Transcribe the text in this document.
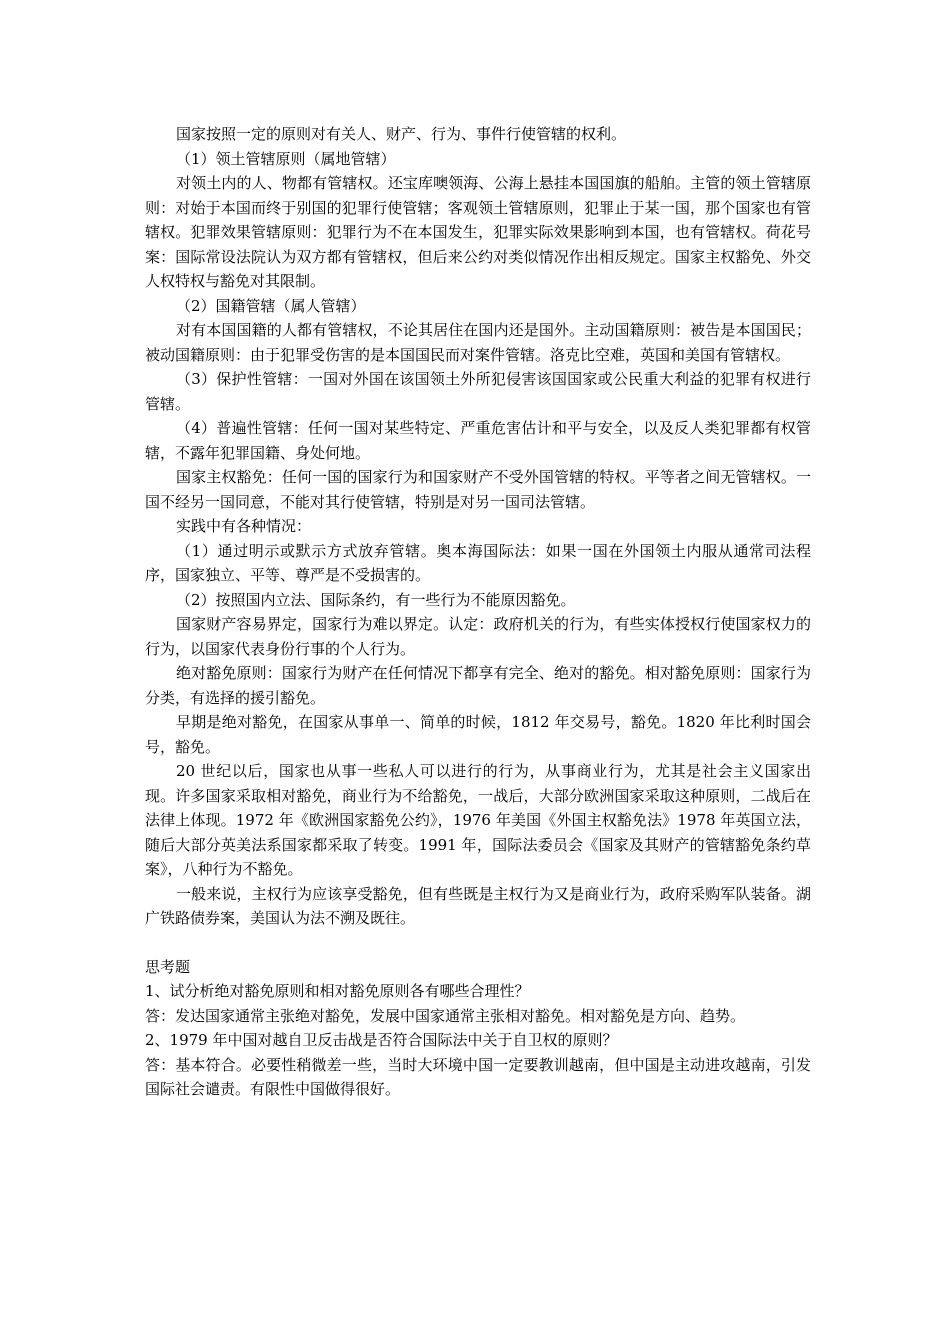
国家按照一定的原则对有关人、财产、行为、事件行使管辖的权利。

（1）领土管辖原则（属地管辖）

对领土内的人、物都有管辖权。还宝库噢领海、公海上悬挂本国国旗的船舶。主管的领土管辖原则：对始于本国而终于别国的犯罪行使管辖；客观领土管辖原则，犯罪止于某一国，那个国家也有管辖权。犯罪效果管辖原则：犯罪行为不在本国发生，犯罪实际效果影响到本国，也有管辖权。荷花号案：国际常设法院认为双方都有管辖权，但后来公约对类似情况作出相反规定。国家主权豁免、外交人权特权与豁免对其限制。

（2）国籍管辖（属人管辖）

对有本国国籍的人都有管辖权，不论其居住在国内还是国外。主动国籍原则：被告是本国国民；被动国籍原则：由于犯罪受伤害的是本国国民而对案件管辖。洛克比空难，英国和美国有管辖权。

（3）保护性管辖：一国对外国在该国领土外所犯侵害该国国家或公民重大利益的犯罪有权进行管辖。

（4）普遍性管辖：任何一国对某些特定、严重危害估计和平与安全，以及反人类犯罪都有权管辖，不露年犯罪国籍、身处何地。

国家主权豁免：任何一国的国家行为和国家财产不受外国管辖的特权。平等者之间无管辖权。一国不经另一国同意，不能对其行使管辖，特别是对另一国司法管辖。

实践中有各种情况：

（1）通过明示或默示方式放弃管辖。奥本海国际法：如果一国在外国领土内服从通常司法程序，国家独立、平等、尊严是不受损害的。

（2）按照国内立法、国际条约，有一些行为不能原因豁免。

国家财产容易界定，国家行为难以界定。认定：政府机关的行为，有些实体授权行使国家权力的行为，以国家代表身份行事的个人行为。

绝对豁免原则：国家行为财产在任何情况下都享有完全、绝对的豁免。相对豁免原则：国家行为分类，有选择的援引豁免。

早期是绝对豁免，在国家从事单一、简单的时候，1812 年交易号，豁免。1820 年比利时国会号，豁免。

20 世纪以后，国家也从事一些私人可以进行的行为，从事商业行为，尤其是社会主义国家出现。许多国家采取相对豁免，商业行为不给豁免，一战后，大部分欧洲国家采取这种原则，二战后在法律上体现。1972 年《欧洲国家豁免公约》，1976 年美国《外国主权豁免法》1978 年英国立法，随后大部分英美法系国家都采取了转变。1991 年，国际法委员会《国家及其财产的管辖豁免条约草案》，八种行为不豁免。

一般来说，主权行为应该享受豁免，但有些既是主权行为又是商业行为，政府采购军队装备。湖广铁路债券案，美国认为法不溯及既往。

思考题

1、试分析绝对豁免原则和相对豁免原则各有哪些合理性？

答：发达国家通常主张绝对豁免，发展中国家通常主张相对豁免。相对豁免是方向、趋势。

2、1979 年中国对越自卫反击战是否符合国际法中关于自卫权的原则？

答：基本符合。必要性稍微差一些，当时大环境中国一定要教训越南，但中国是主动进攻越南，引发国际社会谴责。有限性中国做得很好。
